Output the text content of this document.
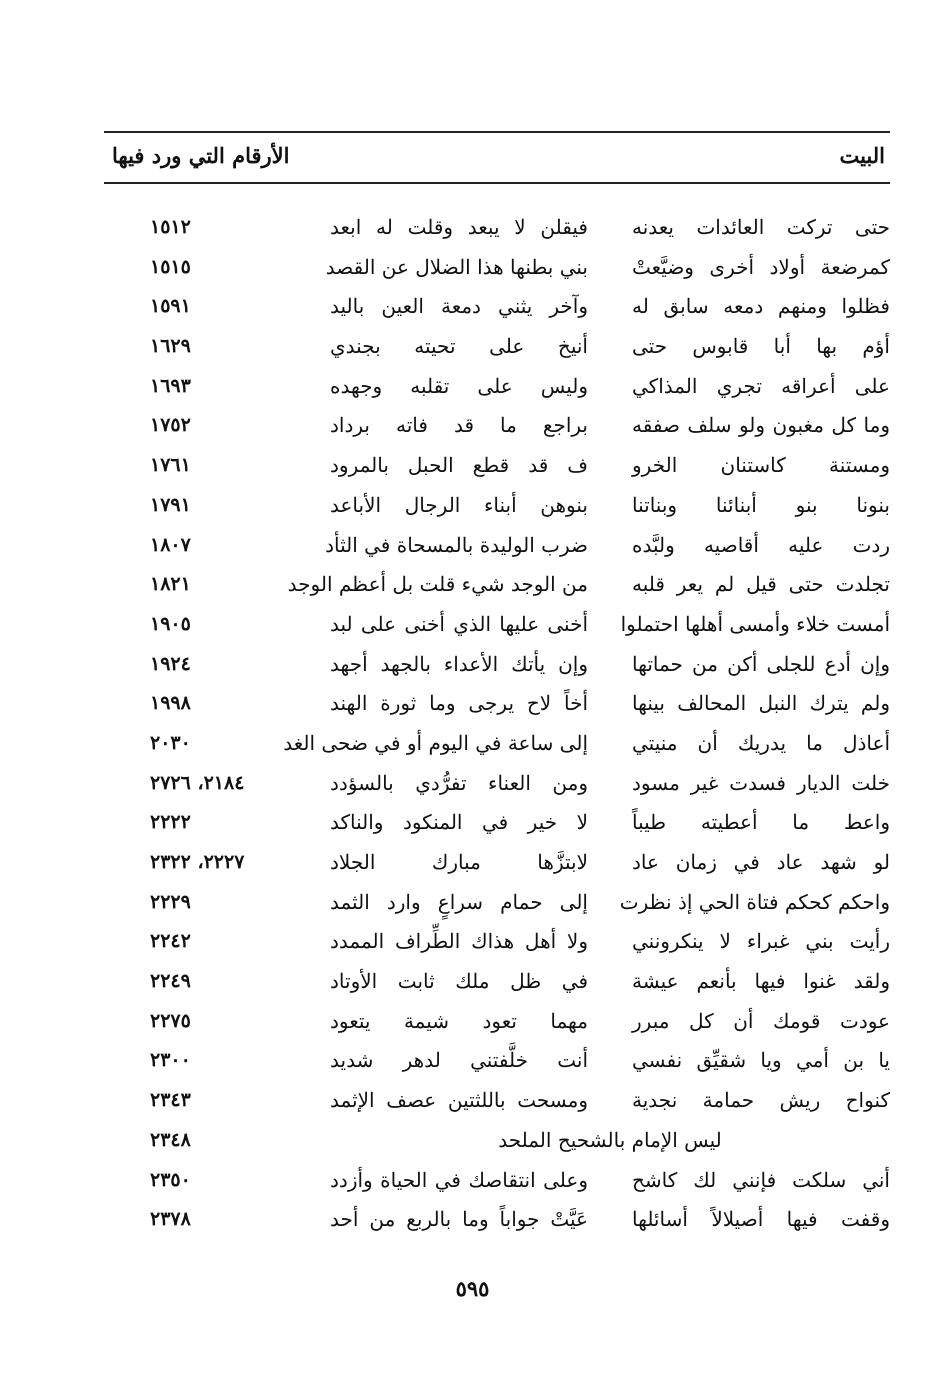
البيت
الأرقام التي ورد فيها
حتى تركت العائدات يعدنه
فيقلن لا يبعد وقلت له ابعد
١٥١٢
كمرضعة أولاد أخرى وضيَّعتْ
بني بطنها هذا الضلال عن القصد
١٥١٥
فظلوا ومنهم دمعه سابق له
وآخر يثني دمعة العين باليد
١٥٩١
أؤم بها أبا قابوس حتى
أنيخ على تحيته بجندي
١٦٢٩
على أعراقه تجري المذاكي
وليس على تقلبه وجهده
١٦٩٣
وما كل مغبون ولو سلف صفقه
براجع ما قد فاته برداد
١٧٥٢
ومستنة كاستنان الخرو
ف قد قطع الحبل بالمرود
١٧٦١
بنونا بنو أبنائنا وبناتنا
بنوهن أبناء الرجال الأباعد
١٧٩١
ردت عليه أقاصيه ولبَّده
ضرب الوليدة بالمسحاة في الثأد
١٨٠٧
تجلدت حتى قيل لم يعر قلبه
من الوجد شيء قلت بل أعظم الوجد
١٨٢١
أمست خلاء وأمسى أهلها احتملوا
أخنى عليها الذي أخنى على لبد
١٩٠٥
وإن أدع للجلى أكن من حماتها
وإن يأتك الأعداء بالجهد أجهد
١٩٢٤
ولم يترك النبل المحالف بينها
أخاً لاح يرجى وما ثورة الهند
١٩٩٨
أعاذل ما يدريك أن منيتي
إلى ساعة في اليوم أو في ضحى الغد
٢٠٣٠
خلت الديار فسدت غير مسود
ومن العناء تفرُّدي بالسؤدد
٢١٨٤، ٢٧٢٦
واعط ما أعطيته طيباً
لا خير في المنكود والناكد
٢٢٢٢
لو شهد عاد في زمان عاد
لابتزَّها مبارك الجلاد
٢٢٢٧، ٢٣٢٢
واحكم كحكم فتاة الحي إذ نظرت
إلى حمام سراعٍ وارد الثمد
٢٢٢٩
رأيت بني غبراء لا ينكرونني
ولا أهل هذاك الطِّراف الممدد
٢٢٤٢
ولقد غنوا فيها بأنعم عيشة
في ظل ملك ثابت الأوتاد
٢٢٤٩
عودت قومك أن كل مبرر
مهما تعود شيمة يتعود
٢٢٧٥
يا بن أمي ويا شقيِّق نفسي
أنت خلَّفتني لدهر شديد
٢٣٠٠
كنواح ريش حمامة نجدية
ومسحت باللثتين عصف الإثمد
٢٣٤٣
ليس الإمام بالشحيح الملحد
٢٣٤٨
أني سلكت فإنني لك كاشح
وعلى انتقاصك في الحياة وأزدد
٢٣٥٠
وقفت فيها أصيلالاً أسائلها
عَيَّتْ جواباً وما بالربع من أحد
٢٣٧٨
٥٩٥
